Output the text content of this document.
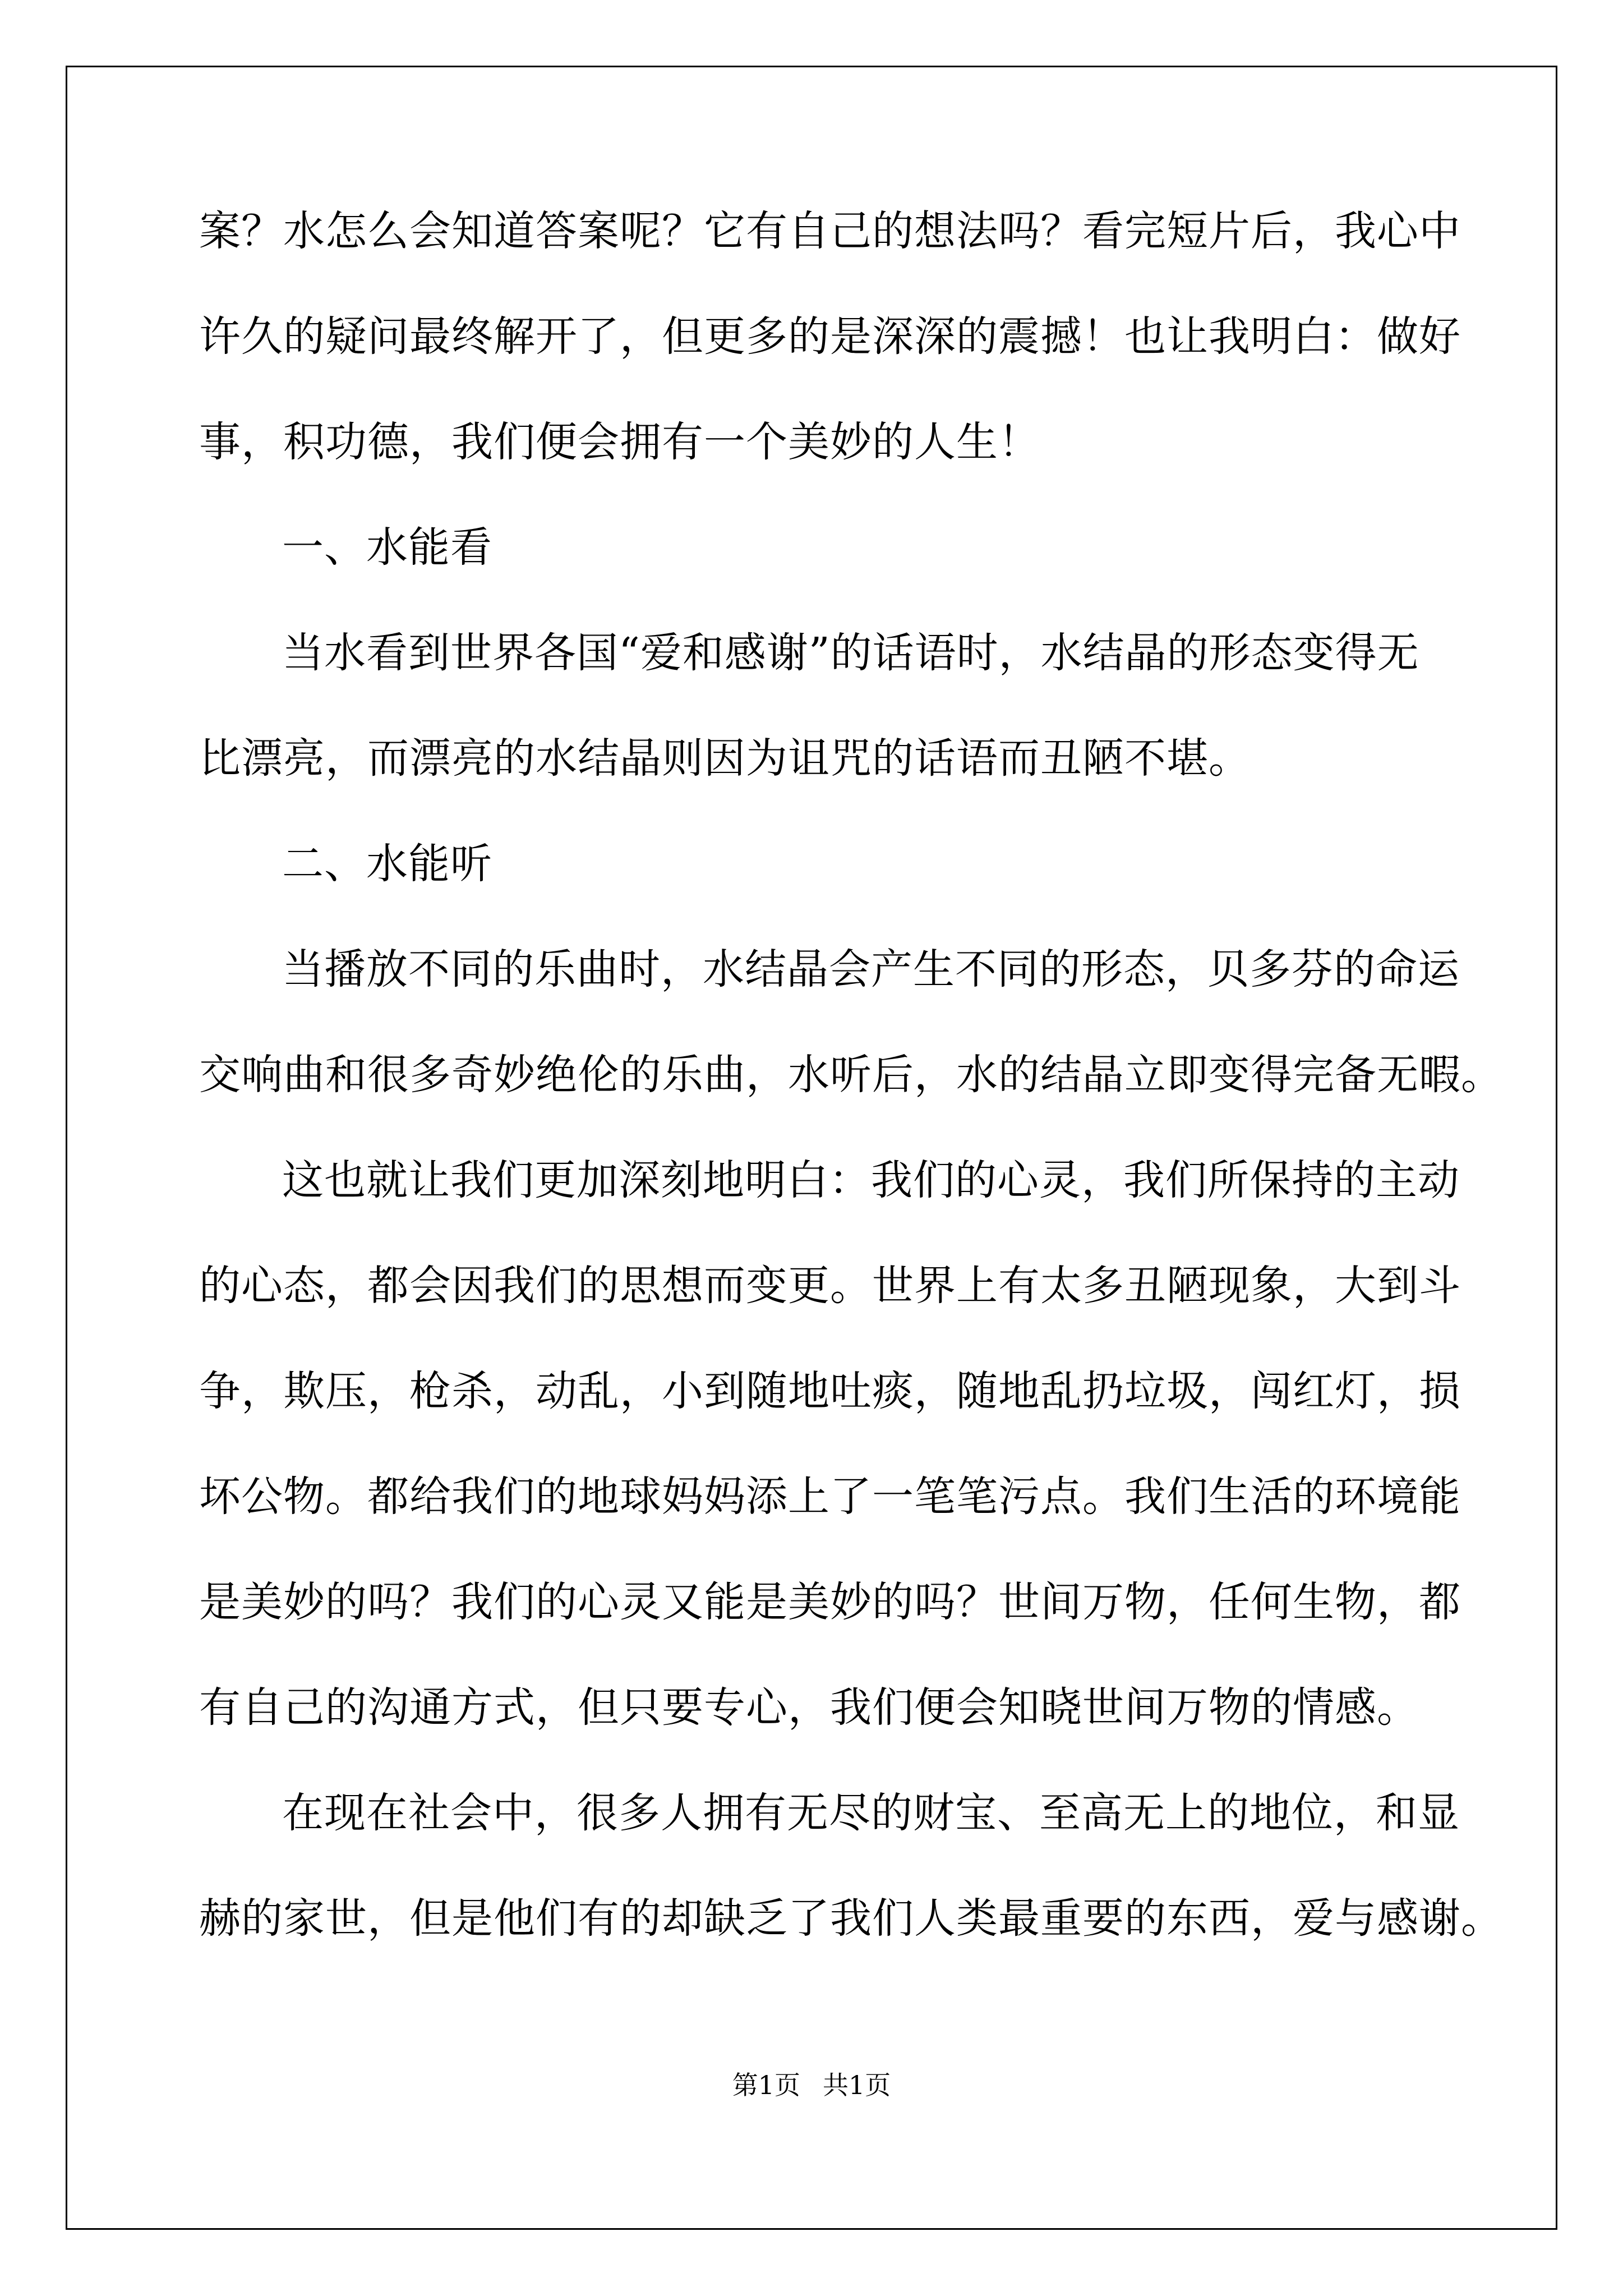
案？水怎么会知道答案呢？它有自己的想法吗？看完短片后，我心中
许久的疑问最终解开了，但更多的是深深的震撼！也让我明白：做好
事，积功德，我们便会拥有一个美妙的人生！
一、水能看
当水看到世界各国“爱和感谢”的话语时，水结晶的形态变得无
比漂亮，而漂亮的水结晶则因为诅咒的话语而丑陋不堪。
二、水能听
当播放不同的乐曲时，水结晶会产生不同的形态，贝多芬的命运
交响曲和很多奇妙绝伦的乐曲，水听后，水的结晶立即变得完备无暇。
这也就让我们更加深刻地明白：我们的心灵，我们所保持的主动
的心态，都会因我们的思想而变更。世界上有太多丑陋现象，大到斗
争，欺压，枪杀，动乱，小到随地吐痰，随地乱扔垃圾，闯红灯，损
坏公物。都给我们的地球妈妈添上了一笔笔污点。我们生活的环境能
是美妙的吗？我们的心灵又能是美妙的吗？世间万物，任何生物，都
有自己的沟通方式，但只要专心，我们便会知晓世间万物的情感。
在现在社会中，很多人拥有无尽的财宝、至高无上的地位，和显
赫的家世，但是他们有的却缺乏了我们人类最重要的东西，爱与感谢。
第1页 共1页
